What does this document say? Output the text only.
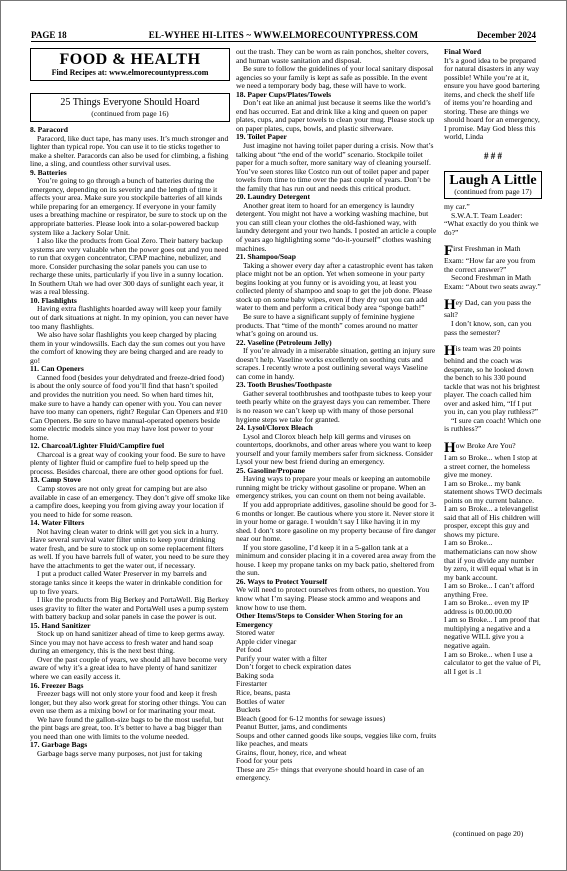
PAGE 18	EL-WYHEE HI-LITES ~ WWW.ELMORECOUNTYPRESS.COM	December 2024
FOOD & HEALTH
Find Recipes at: www.elmorecountypress.com
25 Things Everyone Should Hoard
(continued from page 16)

8. Paracord

Paracord, like duct tape, has many uses. It’s much stronger and lighter than typical rope. You can use it to tie sticks together to make a shelter. Paracords can also be used for climbing, a fishing line, a sling, and countless other survival uses.

9. Batteries

You’re going to go through a bunch of batteries during the emergency, depending on its severity and the length of time it affects your area. Make sure you stockpile batteries of all kinds while preparing for an emergency. If everyone in your family uses a breathing machine or respirator, be sure to stock up on the appropriate batteries. Please look into a solar-powered backup system like a Jackery Solar Unit.

I also like the products from Goal Zero. Their battery backup systems are very valuable when the power goes out and you need to run that oxygen concentrator, CPAP machine, nebulizer, and more. Consider purchasing the solar panels you can use to recharge these units, particularly if you live in a sunny location. In Southern Utah we had over 300 days of sunlight each year, it was a real blessing.

10. Flashlights

Having extra flashlights hoarded away will keep your family out of dark situations at night. In my opinion, you can never have too many flashlights.

We also have solar flashlights you keep charged by placing them in your windowsills. Each day the sun comes out you have the comfort of knowing they are being charged and are ready to go!

11. Can Openers

Canned food (besides your dehydrated and freeze-dried food) is about the only source of food you’ll find that hasn’t spoiled and provides the nutrition you need. So when hard times hit, make sure to have a handy can opener with you. You can never have too many can openers, right? Regular Can Openers and #10 Can Openers. Be sure to have manual-operated openers beside some electric models since you may have lost power to your home.

12. Charcoal/Lighter Fluid/Campfire fuel

Charcoal is a great way of cooking your food. Be sure to have plenty of lighter fluid or campfire fuel to help speed up the process. Besides charcoal, there are other good options for fuel.

13. Camp Stove

Camp stoves are not only great for camping but are also available in case of an emergency. They don’t give off smoke like a campfire does, keeping you from giving away your location if you need to hide for some reason.

14. Water Filters

Not having clean water to drink will get you sick in a hurry. Have several survival water filter units to keep your drinking water fresh, and be sure to stock up on some replacement filters as well. If you have barrels full of water, you need to be sure they have the attachments to get the water out, if necessary.

I put a product called Water Preserver in my barrels and storage tanks since it keeps the water in drinkable condition for up to five years.

I like the products from Big Berkey and PortaWell. Big Berkey uses gravity to filter the water and PortaWell uses a pump system with battery backup and solar panels in case the power is out.

15. Hand Sanitizer

Stock up on hand sanitizer ahead of time to keep germs away. Since you may not have access to fresh water and hand soap during an emergency, this is the next best thing.

Over the past couple of years, we should all have become very aware of why it’s a great idea to have plenty of hand sanitizer where we can easily access it.

16. Freezer Bags

Freezer bags will not only store your food and keep it fresh longer, but they also work great for storing other things. You can even use them as a mixing bowl or for marinating your meat.

We have found the gallon-size bags to be the most useful, but the pint bags are great, too. It’s better to have a bag bigger than you need than one with limits to the volume needed.

17. Garbage Bags

Garbage bags serve many purposes, not just for taking

out the trash. They can be worn as rain ponchos, shelter covers, and human waste sanitation and disposal.

Be sure to follow the guidelines of your local sanitary disposal agencies so your family is kept as safe as possible. In the event we need a temporary body bag, these will have to work.

18. Paper Cups/Plates/Towels

Don’t eat like an animal just because it seems like the world’s end has occurred. Eat and drink like a king and queen on paper plates, cups, and paper towels to clean your mug. Please stock up on paper plates, cups, bowls, and plastic silverware.

19. Toilet Paper

Just imagine not having toilet paper during a crisis. Now that’s talking about “the end of the world” scenario. Stockpile toilet paper for a much softer, more sanitary way of cleaning yourself. You’ve seen stores like Costco run out of toilet paper and paper towels from time to time over the past couple of years. Don’t be the family that has run out and needs this critical product.

20. Laundry Detergent

Another great item to hoard for an emergency is laundry detergent. You might not have a working washing machine, but you can still clean your clothes the old-fashioned way, with laundry detergent and your two hands. I posted an article a couple of years ago highlighting some “do-it-yourself” clothes washing machines.

21. Shampoo/Soap

Taking a shower every day after a catastrophic event has taken place might not be an option. Yet when someone in your party begins looking at you funny or is avoiding you, at least you collected plenty of shampoo and soap to get the job done. Please stock up on some baby wipes, even if they dry out you can add water to them and perform a critical body area “sponge bath!”

Be sure to have a significant supply of feminine hygiene products. That “time of the month” comes around no matter what’s going on around us.

22. Vaseline (Petroleum Jelly)

If you’re already in a miserable situation, getting an injury sure doesn’t help. Vaseline works excellently on soothing cuts and scrapes. I recently wrote a post outlining several ways Vaseline can come in handy.

23. Tooth Brushes/Toothpaste

Gather several toothbrushes and toothpaste tubes to keep your teeth pearly white on the grayest days you can remember. There is no reason we can’t keep up with many of those personal hygiene steps we take for granted.

24. Lysol/Clorox Bleach

Lysol and Clorox bleach help kill germs and viruses on countertops, doorknobs, and other areas where you want to keep yourself and your family members safer from sickness. Consider Lysol your new best friend during an emergency.

25. Gasoline/Propane

Having ways to prepare your meals or keeping an automobile running might be tricky without gasoline or propane. When an emergency strikes, you can count on them not being available.

If you add appropriate additives, gasoline should be good for 3-6 months or longer. Be cautious where you store it. Never store it in your home or garage. I wouldn’t say I like having it in my shed. I don’t store gasoline on my property because of fire danger near our home.

If you store gasoline, I’d keep it in a 5-gallon tank at a minimum and consider placing it in a covered area away from the house. I keep my propane tanks on my back patio, sheltered from the sun.

26. Ways to Protect Yourself

We will need to protect ourselves from others, no question. You know what I’m saying. Please stock ammo and weapons and know how to use them.

Other Items/Steps to Consider When Storing for an Emergency

Stored water

Apple cider vinegar

Pet food

Purify your water with a filter

Don’t forget to check expiration dates

Baking soda

Firestarter

Rice, beans, pasta

Bottles of water

Buckets

Bleach (good for 6-12 months for sewage issues)

Peanut Butter, jams, and condiments

Soups and other canned goods like soups, veggies like corn, fruits like peaches, and meats

Grains, flour, honey, rice, and wheat

Food for your pets

These are 25+ things that everyone should hoard in case of an emergency.

Final Word

It’s a good idea to be prepared for natural disasters in any way possible! While you’re at it, ensure you have good bartering items, and check the shelf life of items you’re hoarding and storing. These are things we should hoard for an emergency, I promise. May God bless this world, Linda

# # #

Laugh A Little
(continued from page 17)

my car.”

S.W.A.T. Team Leader: “What exactly do you think we do?”

First Freshman in Math Exam: “How far are you from the correct answer?”

Second Freshman in Math Exam: “About two seats away.”

Hey Dad, can you pass the salt?

I don’t know, son, can you pass the semester?

His team was 20 points behind and the coach was desperate, so he looked down the bench to his 330 pound tackle that was not his brightest player. The coach called him over and asked him, “If I put you in, can you play ruthless?”

“I sure can coach! Which one is ruthless?”

How Broke Are You?

I am so Broke... when I stop at a street corner, the homeless give me money.

I am so Broke... my bank statement shows TWO decimals points on my current balance.

I am so Broke... a televangelist said that all of His children will prosper, except this guy and shows my picture.

I am so Broke... mathematicians can now show that if you divide any number by zero, it will equal what is in my bank account.

I am so Broke... I can’t afford anything Free.

I am so Broke... even my IP address is 00.00.00.00

I am so Broke... I am proof that multiplying a negative and a negative WILL give you a negative again.

I am so Broke... when I use a calculator to get the value of Pi, all I get is .1

(continued on page 20)
